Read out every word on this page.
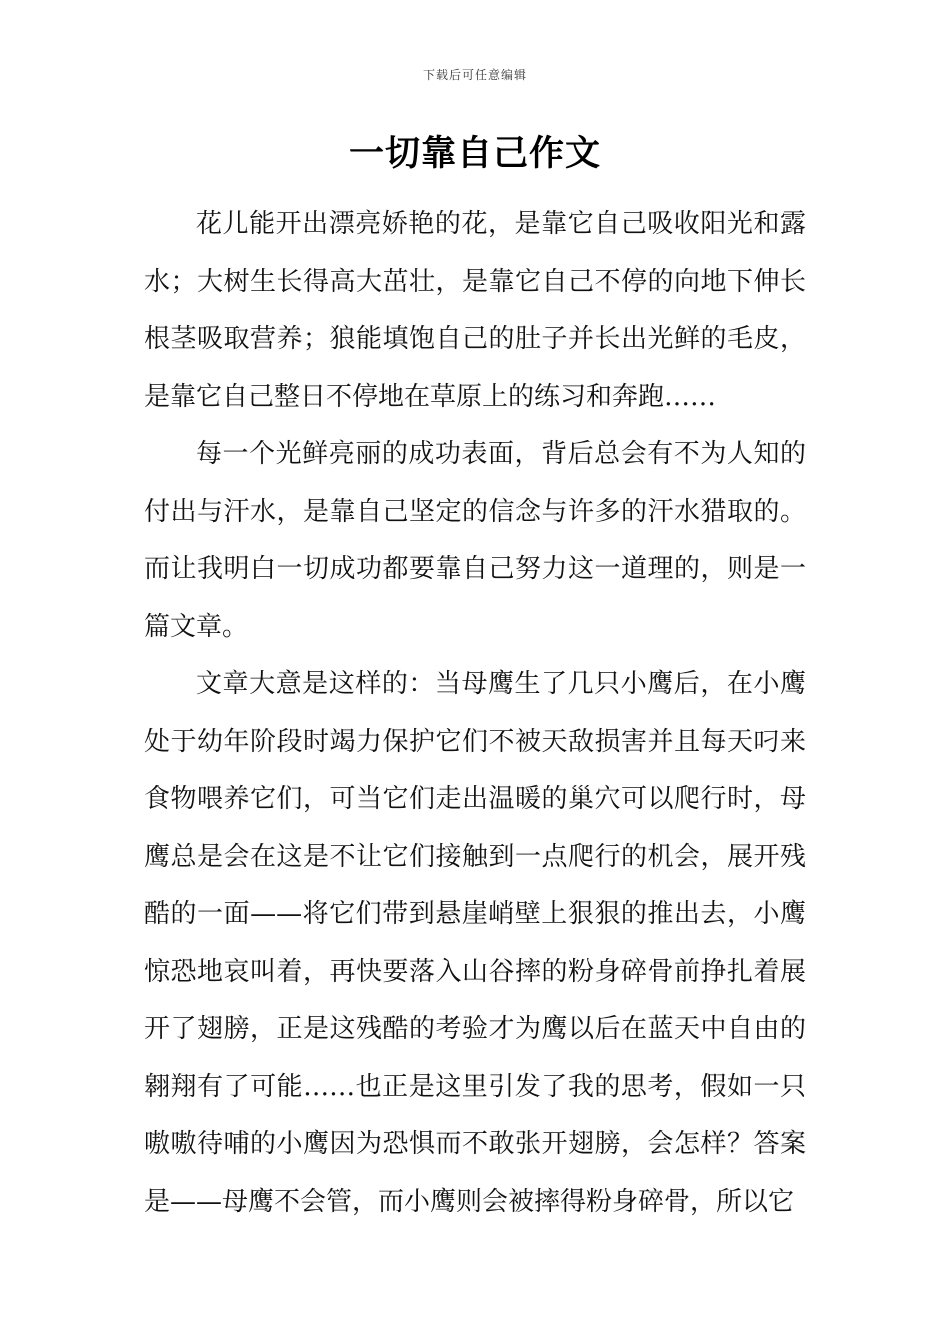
下载后可任意编辑
一切靠自己作文

花儿能开出漂亮娇艳的花，是靠它自己吸收阳光和露水；大树生长得高大茁壮，是靠它自己不停的向地下伸长根茎吸取营养；狼能填饱自己的肚子并长出光鲜的毛皮，是靠它自己整日不停地在草原上的练习和奔跑……

每一个光鲜亮丽的成功表面，背后总会有不为人知的付出与汗水，是靠自己坚定的信念与许多的汗水猎取的。而让我明白一切成功都要靠自己努力这一道理的，则是一篇文章。

文章大意是这样的：当母鹰生了几只小鹰后，在小鹰处于幼年阶段时竭力保护它们不被天敌损害并且每天叼来食物喂养它们，可当它们走出温暖的巢穴可以爬行时，母鹰总是会在这是不让它们接触到一点爬行的机会，展开残酷的一面——将它们带到悬崖峭壁上狠狠的推出去，小鹰惊恐地哀叫着，再快要落入山谷摔的粉身碎骨前挣扎着展开了翅膀，正是这残酷的考验才为鹰以后在蓝天中自由的翱翔有了可能……也正是这里引发了我的思考，假如一只嗷嗷待哺的小鹰因为恐惧而不敢张开翅膀，会怎样？答案是——母鹰不会管，而小鹰则会被摔得粉身碎骨，所以它
